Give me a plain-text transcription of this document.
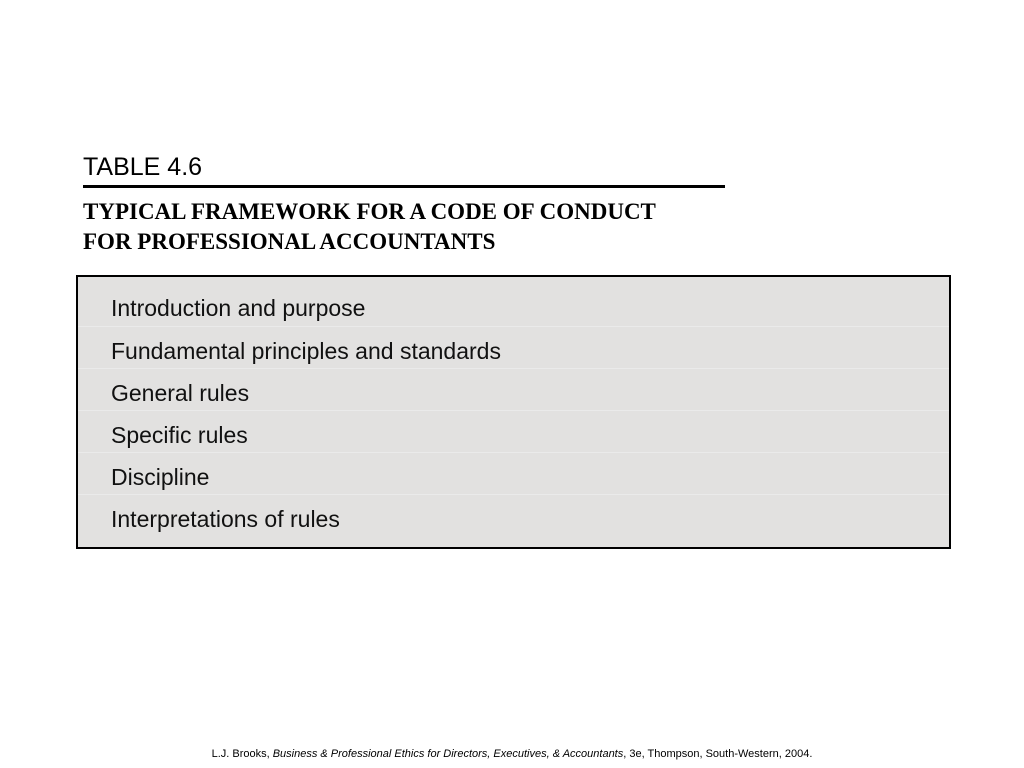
TABLE 4.6
TYPICAL FRAMEWORK FOR A CODE OF CONDUCT
FOR PROFESSIONAL ACCOUNTANTS
Introduction and purpose
Fundamental principles and standards
General rules
Specific rules
Discipline
Interpretations of rules
L.J. Brooks, Business & Professional Ethics for Directors, Executives, & Accountants, 3e, Thompson, South-Western, 2004.
